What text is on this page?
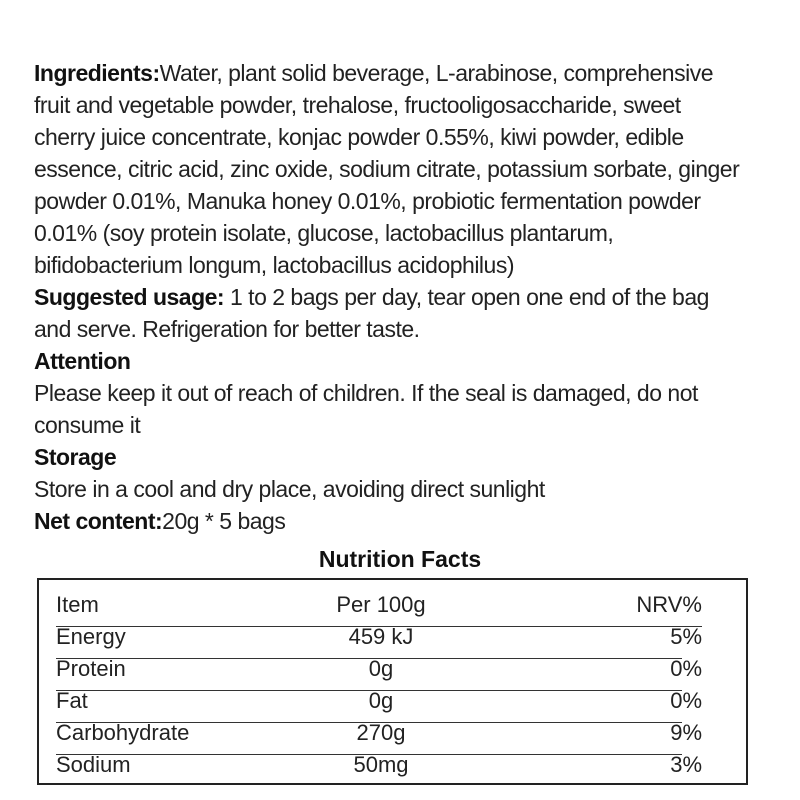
Ingredients:Water, plant solid beverage, L-arabinose, comprehensive
fruit and vegetable powder, trehalose, fructooligosaccharide, sweet
cherry juice concentrate, konjac powder 0.55%, kiwi powder, edible
essence, citric acid, zinc oxide, sodium citrate, potassium sorbate, ginger
powder 0.01%, Manuka honey 0.01%, probiotic fermentation powder
0.01% (soy protein isolate, glucose, lactobacillus plantarum,
bifidobacterium longum, lactobacillus acidophilus)
Suggested usage: 1 to 2 bags per day, tear open one end of the bag
and serve. Refrigeration for better taste.
Attention
Please keep it out of reach of children. If the seal is damaged, do not
consume it
Storage
Store in a cool and dry place, avoiding direct sunlight
Net content:20g * 5 bags
Nutrition Facts
Item	Per 100g	NRV%
Energy	459 kJ	5%
Protein	0g	0%
Fat	0g	0%
Carbohydrate	270g	9%
Sodium	50mg	3%
